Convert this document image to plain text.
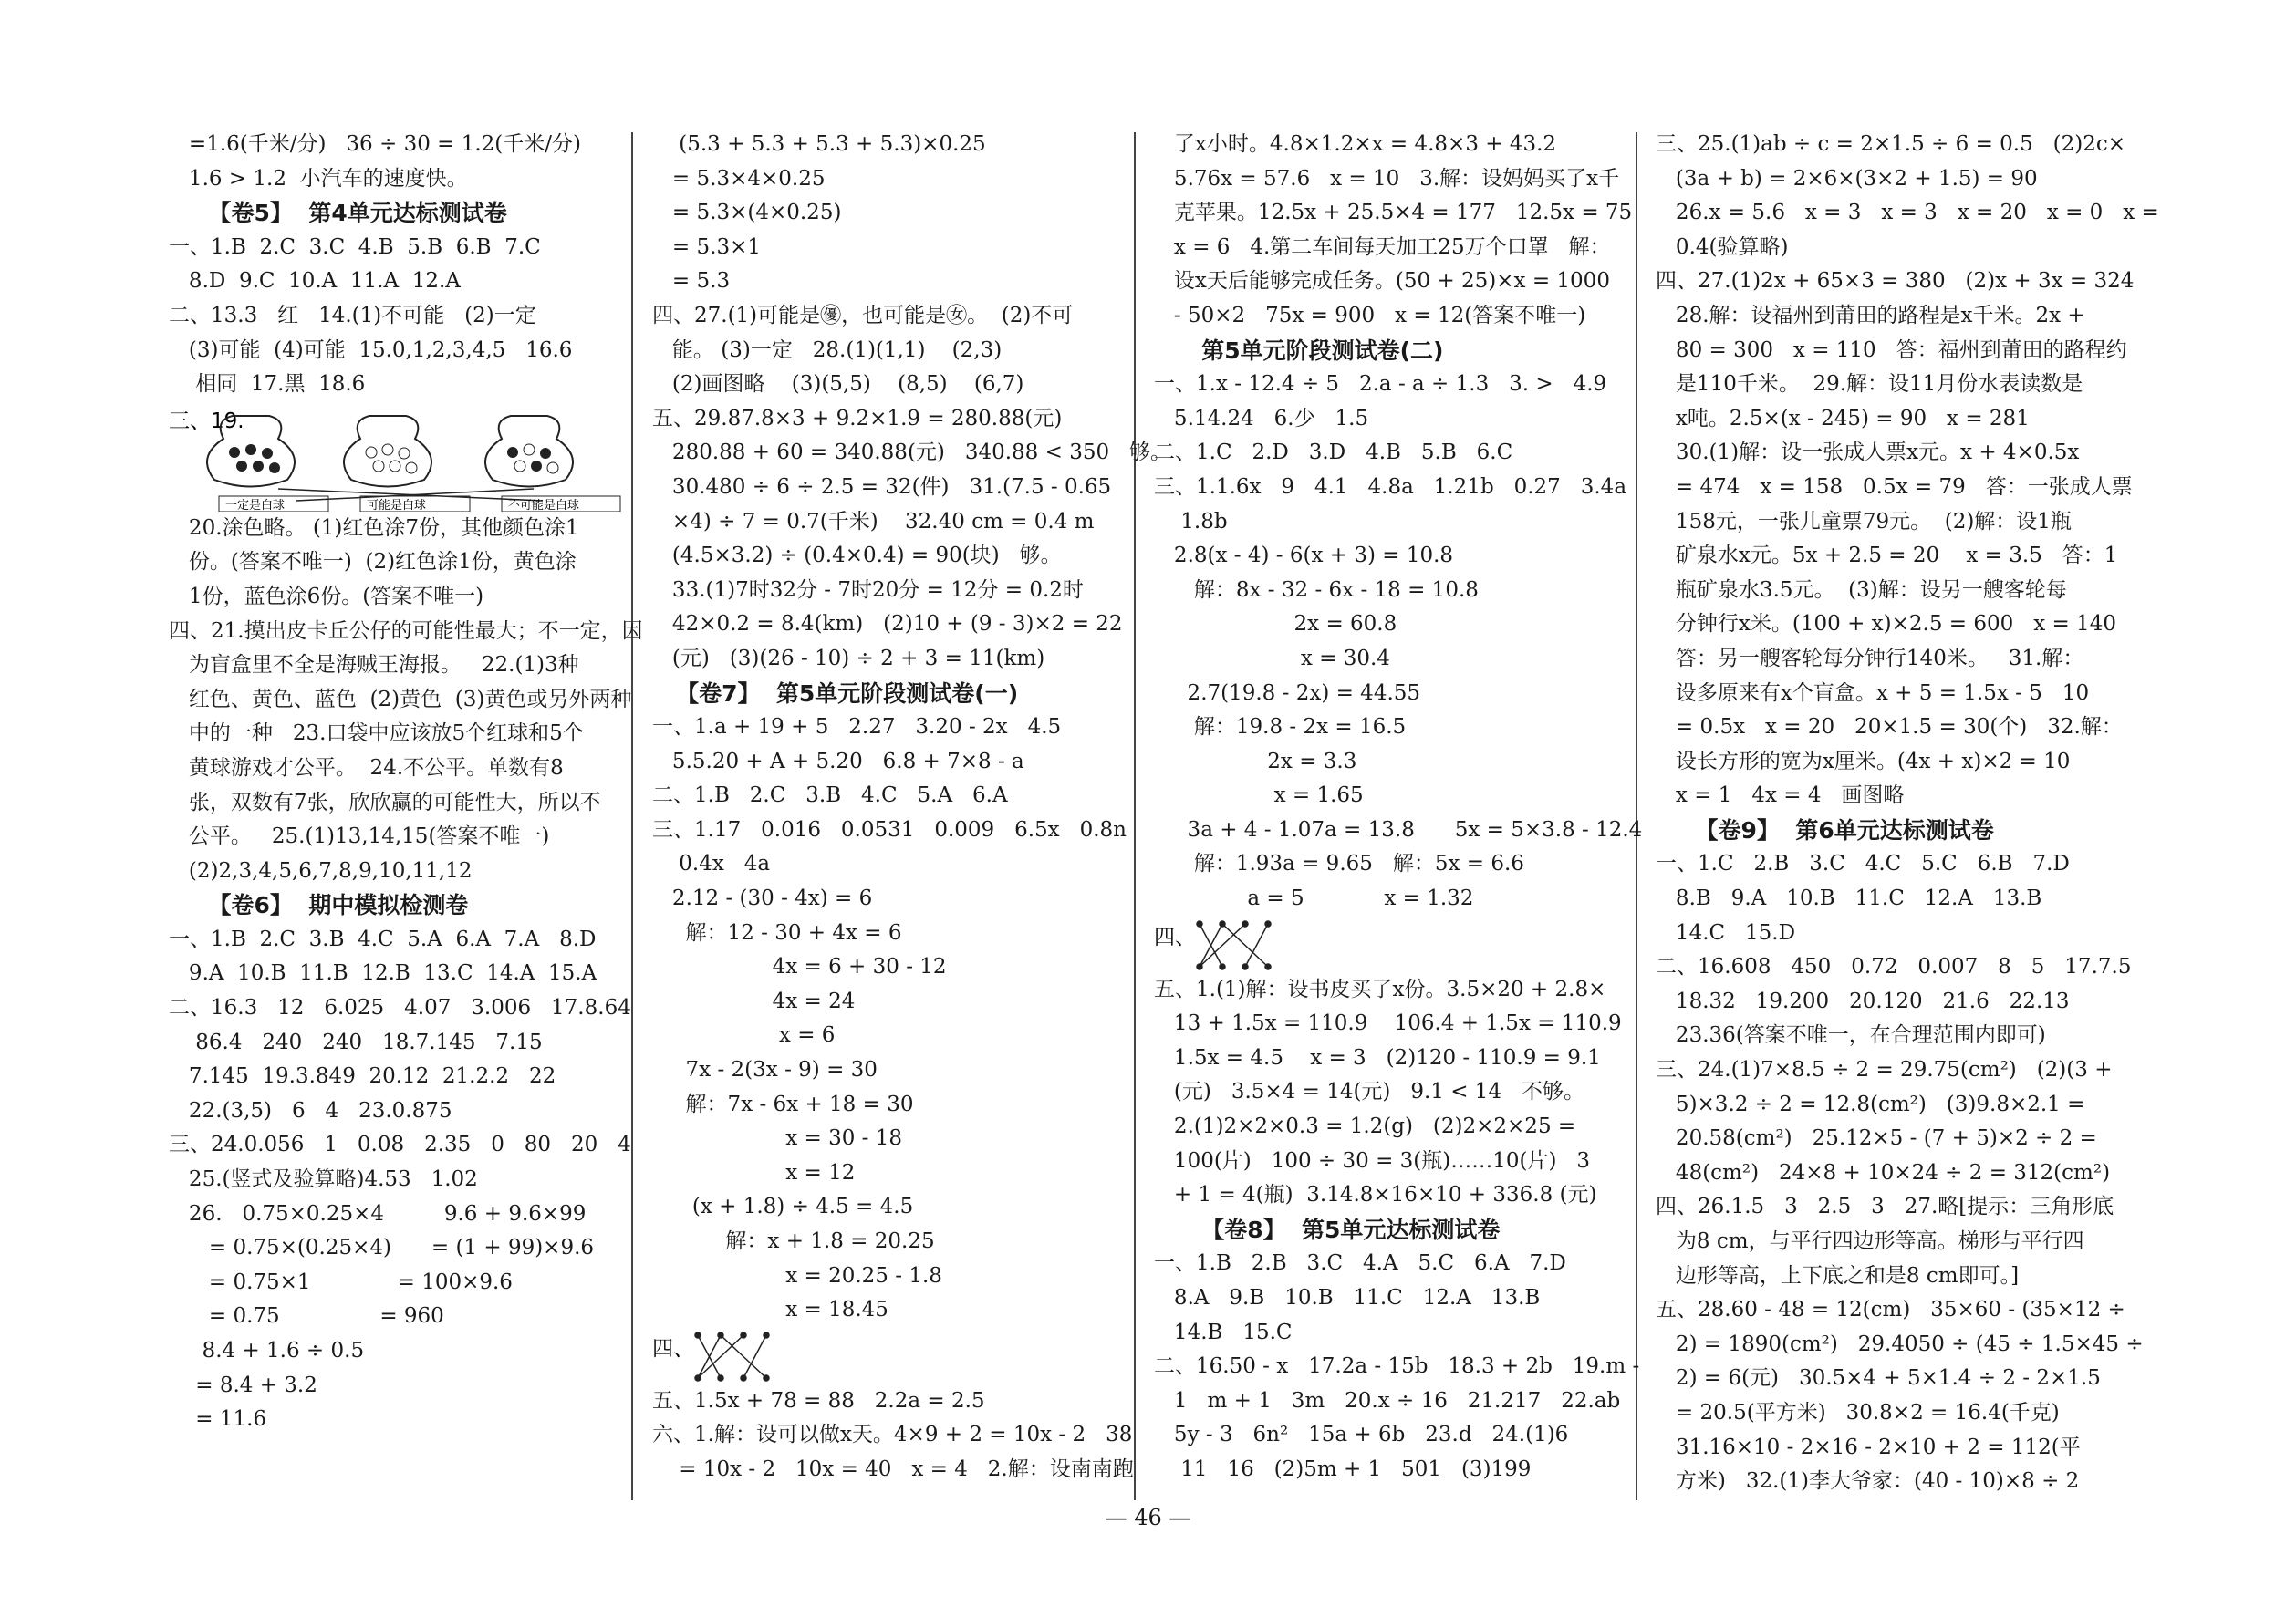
=1.6(千米/分)   36 ÷ 30 = 1.2(千米/分)
1.6 > 1.2  小汽车的速度快。
【卷5】  第4单元达标测试卷
一、1.B  2.C  3.C  4.B  5.B  6.B  7.C
8.D  9.C  10.A  11.A  12.A
二、13.3   红   14.(1)不可能   (2)一定
(3)可能  (4)可能  15.0,1,2,3,4,5   16.6
相同  17.黑  18.6
三、19.
一定是白球	可能是白球	不可能是白球
20.涂色略。 (1)红色涂7份，其他颜色涂1
份。(答案不唯一)  (2)红色涂1份，黄色涂
1份，蓝色涂6份。(答案不唯一)
四、21.摸出皮卡丘公仔的可能性最大；不一定，因
为盲盒里不全是海贼王海报。   22.(1)3种
红色、黄色、蓝色  (2)黄色  (3)黄色或另外两种
中的一种   23.口袋中应该放5个红球和5个
黄球游戏才公平。  24.不公平。单数有8
张，双数有7张，欣欣赢的可能性大，所以不
公平。   25.(1)13,14,15(答案不唯一)
(2)2,3,4,5,6,7,8,9,10,11,12
【卷6】  期中模拟检测卷
一、1.B  2.C  3.B  4.C  5.A  6.A  7.A   8.D
9.A  10.B  11.B  12.B  13.C  14.A  15.A
二、16.3   12   6.025   4.07   3.006   17.8.64
86.4   240   240   18.7.145   7.15
7.145  19.3.849  20.12  21.2.2   22
22.(3,5)   6   4   23.0.875
三、24.0.056   1   0.08   2.35   0   80   20   4
25.(竖式及验算略)4.53   1.02
26.   0.75×0.25×4         9.6 + 9.6×99
= 0.75×(0.25×4)      = (1 + 99)×9.6
= 0.75×1             = 100×9.6
= 0.75               = 960
8.4 + 1.6 ÷ 0.5
= 8.4 + 3.2
= 11.6
(5.3 + 5.3 + 5.3 + 5.3)×0.25
= 5.3×4×0.25
= 5.3×(4×0.25)
= 5.3×1
= 5.3
四、27.(1)可能是㊝，也可能是㊛。  (2)不可
能。 (3)一定   28.(1)(1,1)    (2,3)
(2)画图略    (3)(5,5)    (8,5)    (6,7)
五、29.87.8×3 + 9.2×1.9 = 280.88(元)
280.88 + 60 = 340.88(元)   340.88 < 350   够。
30.480 ÷ 6 ÷ 2.5 = 32(件)   31.(7.5 - 0.65
×4) ÷ 7 = 0.7(千米)    32.40 cm = 0.4 m
(4.5×3.2) ÷ (0.4×0.4) = 90(块)   够。
33.(1)7时32分 - 7时20分 = 12分 = 0.2时
42×0.2 = 8.4(km)   (2)10 + (9 - 3)×2 = 22
(元)   (3)(26 - 10) ÷ 2 + 3 = 11(km)
【卷7】  第5单元阶段测试卷(一)
一、1.a + 19 + 5   2.27   3.20 - 2x   4.5
5.5.20 + A + 5.20   6.8 + 7×8 - a
二、1.B   2.C   3.B   4.C   5.A   6.A
三、1.17   0.016   0.0531   0.009   6.5x   0.8n
0.4x   4a
2.12 - (30 - 4x) = 6
解：12 - 30 + 4x = 6
4x = 6 + 30 - 12
4x = 24
x = 6
7x - 2(3x - 9) = 30
解：7x - 6x + 18 = 30
x = 30 - 18
x = 12
(x + 1.8) ÷ 4.5 = 4.5
解：x + 1.8 = 20.25
x = 20.25 - 1.8
x = 18.45
四、
五、1.5x + 78 = 88   2.2a = 2.5
六、1.解：设可以做x天。4×9 + 2 = 10x - 2   38
= 10x - 2   10x = 40   x = 4   2.解：设南南跑
了x小时。4.8×1.2×x = 4.8×3 + 43.2
5.76x = 57.6   x = 10   3.解：设妈妈买了x千
克苹果。12.5x + 25.5×4 = 177   12.5x = 75
x = 6   4.第二车间每天加工25万个口罩   解：
设x天后能够完成任务。(50 + 25)×x = 1000
- 50×2   75x = 900   x = 12(答案不唯一)
第5单元阶段测试卷(二)
一、1.x - 12.4 ÷ 5   2.a - a ÷ 1.3   3. >   4.9
5.14.24   6.少   1.5
二、1.C   2.D   3.D   4.B   5.B   6.C
三、1.1.6x   9   4.1   4.8a   1.21b   0.27   3.4a
1.8b
2.8(x - 4) - 6(x + 3) = 10.8
解：8x - 32 - 6x - 18 = 10.8
2x = 60.8
x = 30.4
2.7(19.8 - 2x) = 44.55
解：19.8 - 2x = 16.5
2x = 3.3
x = 1.65
3a + 4 - 1.07a = 13.8      5x = 5×3.8 - 12.4
解：1.93a = 9.65   解：5x = 6.6
a = 5            x = 1.32
四、
五、1.(1)解：设书皮买了x份。3.5×20 + 2.8×
13 + 1.5x = 110.9    106.4 + 1.5x = 110.9
1.5x = 4.5    x = 3   (2)120 - 110.9 = 9.1
(元)   3.5×4 = 14(元)   9.1 < 14   不够。
2.(1)2×2×0.3 = 1.2(g)   (2)2×2×25 =
100(片)   100 ÷ 30 = 3(瓶)……10(片)   3
+ 1 = 4(瓶)  3.14.8×16×10 + 336.8 (元)
【卷8】  第5单元达标测试卷
一、1.B   2.B   3.C   4.A   5.C   6.A   7.D
8.A   9.B   10.B   11.C   12.A   13.B
14.B   15.C
二、16.50 - x   17.2a - 15b   18.3 + 2b   19.m -
1   m + 1   3m   20.x ÷ 16   21.217   22.ab
5y - 3   6n²   15a + 6b   23.d   24.(1)6
11   16   (2)5m + 1   501   (3)199
三、25.(1)ab ÷ c = 2×1.5 ÷ 6 = 0.5   (2)2c×
(3a + b) = 2×6×(3×2 + 1.5) = 90
26.x = 5.6   x = 3   x = 3   x = 20   x = 0   x =
0.4(验算略)
四、27.(1)2x + 65×3 = 380   (2)x + 3x = 324
28.解：设福州到莆田的路程是x千米。2x +
80 = 300   x = 110   答：福州到莆田的路程约
是110千米。  29.解：设11月份水表读数是
x吨。2.5×(x - 245) = 90   x = 281
30.(1)解：设一张成人票x元。x + 4×0.5x
= 474   x = 158   0.5x = 79   答：一张成人票
158元，一张儿童票79元。  (2)解：设1瓶
矿泉水x元。5x + 2.5 = 20    x = 3.5   答：1
瓶矿泉水3.5元。  (3)解：设另一艘客轮每
分钟行x米。(100 + x)×2.5 = 600   x = 140
答：另一艘客轮每分钟行140米。   31.解：
设多原来有x个盲盒。x + 5 = 1.5x - 5   10
= 0.5x   x = 20   20×1.5 = 30(个)   32.解：
设长方形的宽为x厘米。(4x + x)×2 = 10
x = 1   4x = 4   画图略
【卷9】  第6单元达标测试卷
一、1.C   2.B   3.C   4.C   5.C   6.B   7.D
8.B   9.A   10.B   11.C   12.A   13.B
14.C   15.D
二、16.608   450   0.72   0.007   8   5   17.7.5
18.32   19.200   20.120   21.6   22.13
23.36(答案不唯一，在合理范围内即可)
三、24.(1)7×8.5 ÷ 2 = 29.75(cm²)   (2)(3 +
5)×3.2 ÷ 2 = 12.8(cm²)   (3)9.8×2.1 =
20.58(cm²)   25.12×5 - (7 + 5)×2 ÷ 2 =
48(cm²)   24×8 + 10×24 ÷ 2 = 312(cm²)
四、26.1.5   3   2.5   3   27.略[提示：三角形底
为8 cm，与平行四边形等高。梯形与平行四
边形等高，上下底之和是8 cm即可。]
五、28.60 - 48 = 12(cm)   35×60 - (35×12 ÷
2) = 1890(cm²)   29.4050 ÷ (45 ÷ 1.5×45 ÷
2) = 6(元)   30.5×4 + 5×1.4 ÷ 2 - 2×1.5
= 20.5(平方米)   30.8×2 = 16.4(千克)
31.16×10 - 2×16 - 2×10 + 2 = 112(平
方米)   32.(1)李大爷家：(40 - 10)×8 ÷ 2
— 46 —
